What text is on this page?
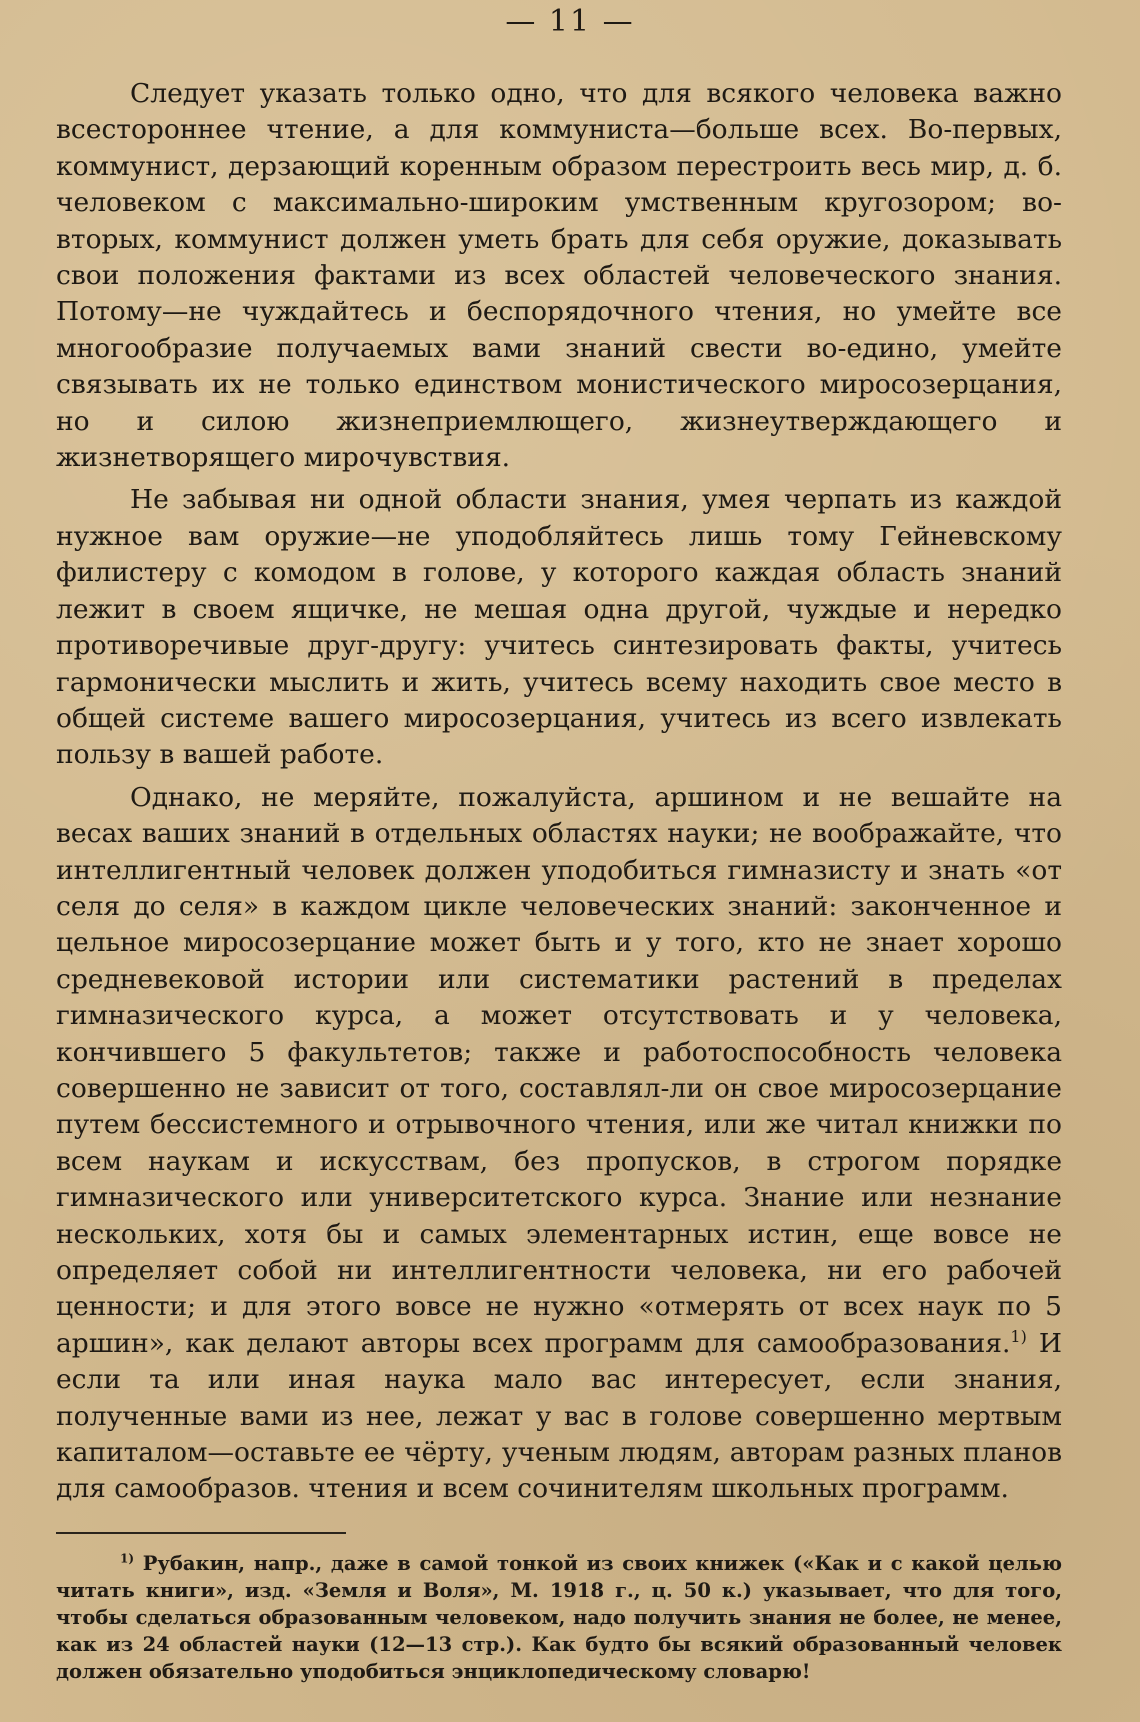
— 11 —

Следует указать только одно, что для всякого человека важно всестороннее чтение, а для коммуниста—больше всех. Во-первых, коммунист, дерзающий коренным образом перестроить весь мир, д. б. человеком с максимально-широким умственным кругозором; во-вторых, коммунист должен уметь брать для себя оружие, доказывать свои положения фактами из всех областей человеческого знания. Потому—не чуждайтесь и беспорядочного чтения, но умейте все многообразие получаемых вами знаний свести во-едино, умейте связывать их не только единством монистического миросозерцания, но и силою жизнеприемлющего, жизнеутверждающего и жизнетворящего мирочувствия.

Не забывая ни одной области знания, умея черпать из каждой нужное вам оружие—не уподобляйтесь лишь тому Гейневскому филистеру с комодом в голове, у которого каждая область знаний лежит в своем ящичке, не мешая одна другой, чуждые и нередко противоречивые друг-другу: учитесь синтезировать факты, учитесь гармонически мыслить и жить, учитесь всему находить свое место в общей системе вашего миросозерцания, учитесь из всего извлекать пользу в вашей работе.

Однако, не меряйте, пожалуйста, аршином и не вешайте на весах ваших знаний в отдельных областях науки; не воображайте, что интеллигентный человек должен уподобиться гимназисту и знать «от селя до селя» в каждом цикле человеческих знаний: законченное и цельное миросозерцание может быть и у того, кто не знает хорошо средневековой истории или систематики растений в пределах гимназического курса, а может отсутствовать и у человека, кончившего 5 факультетов; также и работоспособность человека совершенно не зависит от того, составлял-ли он свое миросозерцание путем бессистемного и отрывочного чтения, или же читал книжки по всем наукам и искусствам, без пропусков, в строгом порядке гимназического или университетского курса. Знание или незнание нескольких, хотя бы и самых элементарных истин, еще вовсе не определяет собой ни интеллигентности человека, ни его рабочей ценности; и для этого вовсе не нужно «отмерять от всех наук по 5 аршин», как делают авторы всех программ для самообразования.$^{1)}$ И если та или иная наука мало вас интересует, если знания, полученные вами из нее, лежат у вас в голове совершенно мертвым капиталом—оставьте ее чёрту, ученым людям, авторам разных планов для самообразов. чтения и всем сочинителям школьных программ.

$^{1)}$ Рубакин, напр., даже в самой тонкой из своих книжек («Как и с какой целью читать книги», изд. «Земля и Воля», М. 1918 г., ц. 50 к.) указывает, что для того, чтобы сделаться образованным человеком, надо получить знания не более, не менее, как из 24 областей науки (12—13 стр.). Как будто бы всякий образованный человек должен обязательно уподобиться энциклопедическому словарю!
